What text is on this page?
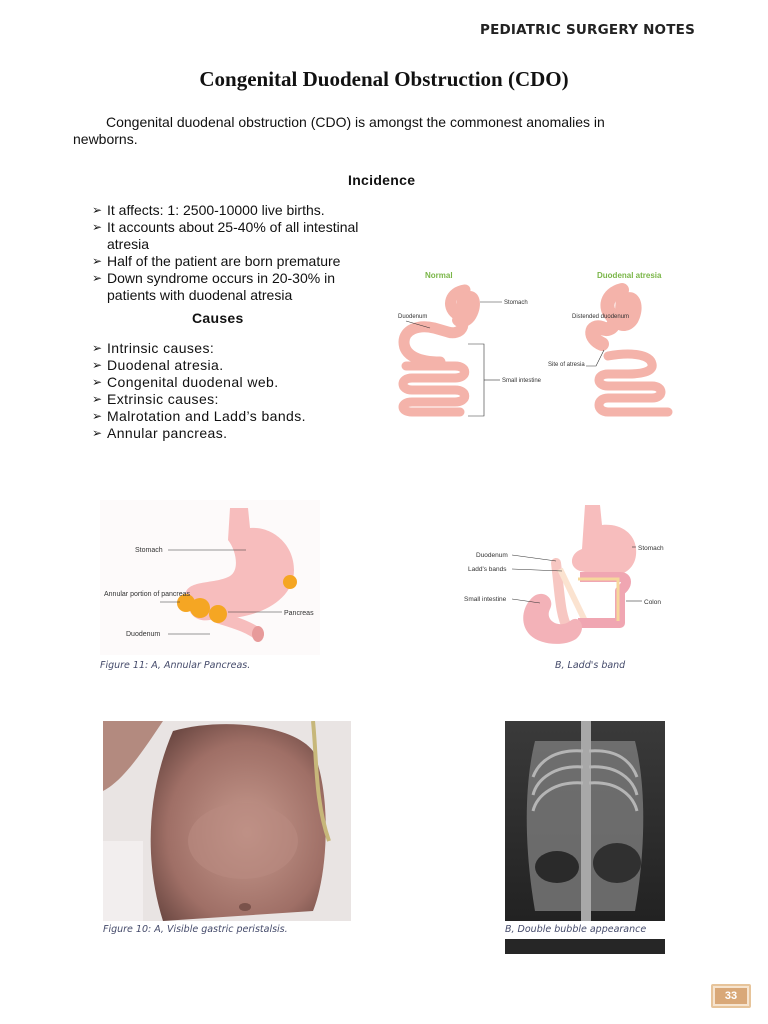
PEDIATRIC SURGERY NOTES
Congenital Duodenal Obstruction (CDO)
Congenital duodenal obstruction (CDO) is amongst the commonest anomalies in newborns.
Incidence
➢ It affects: 1: 2500-10000 live births.
➢ It accounts about 25-40% of all intestinal atresia
➢ Half of the patient are born premature
➢ Down syndrome occurs in 20-30% in patients with duodenal atresia
Causes
➢ Intrinsic causes:
➢ Duodenal atresia.
➢ Congenital duodenal web.
➢ Extrinsic causes:
➢ Malrotation and Ladd’s bands.
➢ Annular pancreas.
Normal	Duodenal atresia
Stomach
Duodenum
Small intestine
Distended duodenum
Site of atresia
Stomach
Annular portion of pancreas
Pancreas
Duodenum
Duodenum
Ladd's bands
Small intestine
Stomach
Colon
Figure 11: A, Annular Pancreas.	B, Ladd's band
Figure 10: A, Visible gastric peristalsis.	B, Double bubble appearance
33
